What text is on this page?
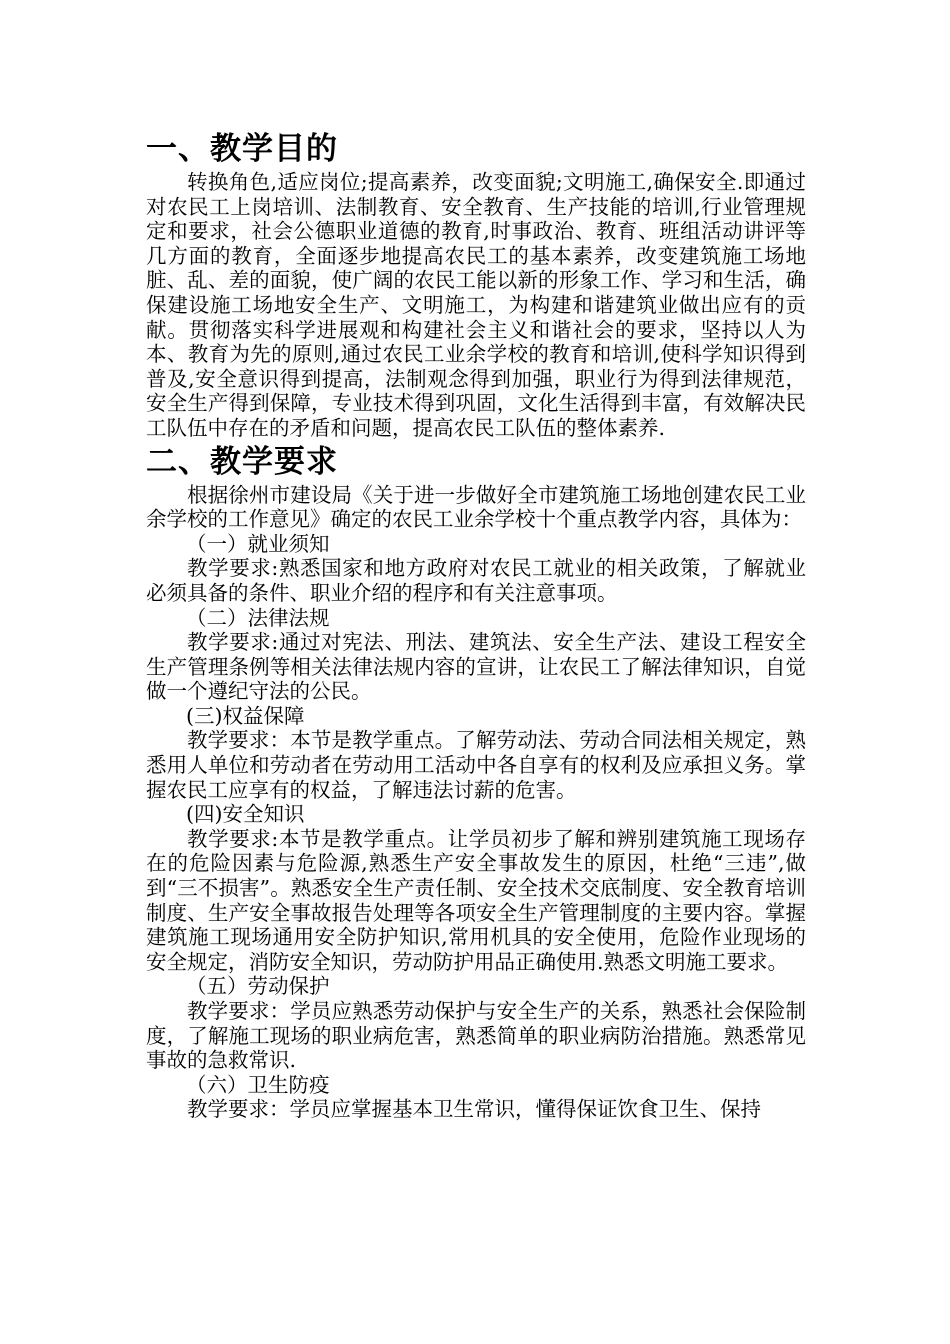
一、教学目的

转换角色,适应岗位;提高素养，改变面貌;文明施工,确保安全.即通过对农民工上岗培训、法制教育、安全教育、生产技能的培训,行业管理规定和要求，社会公德职业道德的教育,时事政治、教育、班组活动讲评等几方面的教育，全面逐步地提高农民工的基本素养，改变建筑施工场地脏、乱、差的面貌，使广阔的农民工能以新的形象工作、学习和生活，确保建设施工场地安全生产、文明施工，为构建和谐建筑业做出应有的贡献。贯彻落实科学进展观和构建社会主义和谐社会的要求，坚持以人为本、教育为先的原则,通过农民工业余学校的教育和培训,使科学知识得到普及,安全意识得到提高，法制观念得到加强，职业行为得到法律规范，安全生产得到保障，专业技术得到巩固，文化生活得到丰富，有效解决民工队伍中存在的矛盾和问题，提高农民工队伍的整体素养.

二、教学要求

根据徐州市建设局《关于进一步做好全市建筑施工场地创建农民工业余学校的工作意见》确定的农民工业余学校十个重点教学内容，具体为：

（一）就业须知

教学要求:熟悉国家和地方政府对农民工就业的相关政策，了解就业必须具备的条件、职业介绍的程序和有关注意事项。

（二）法律法规

教学要求:通过对宪法、刑法、建筑法、安全生产法、建设工程安全生产管理条例等相关法律法规内容的宣讲，让农民工了解法律知识，自觉做一个遵纪守法的公民。

(三)权益保障

教学要求：本节是教学重点。了解劳动法、劳动合同法相关规定，熟悉用人单位和劳动者在劳动用工活动中各自享有的权利及应承担义务。掌握农民工应享有的权益，了解违法讨薪的危害。

(四)安全知识

教学要求:本节是教学重点。让学员初步了解和辨别建筑施工现场存在的危险因素与危险源,熟悉生产安全事故发生的原因，杜绝“三违”,做到“三不损害”。熟悉安全生产责任制、安全技术交底制度、安全教育培训制度、生产安全事故报告处理等各项安全生产管理制度的主要内容。掌握建筑施工现场通用安全防护知识,常用机具的安全使用，危险作业现场的安全规定，消防安全知识，劳动防护用品正确使用.熟悉文明施工要求。

（五）劳动保护

教学要求：学员应熟悉劳动保护与安全生产的关系，熟悉社会保险制度，了解施工现场的职业病危害，熟悉简单的职业病防治措施。熟悉常见事故的急救常识.

（六）卫生防疫

教学要求：学员应掌握基本卫生常识，懂得保证饮食卫生、保持
